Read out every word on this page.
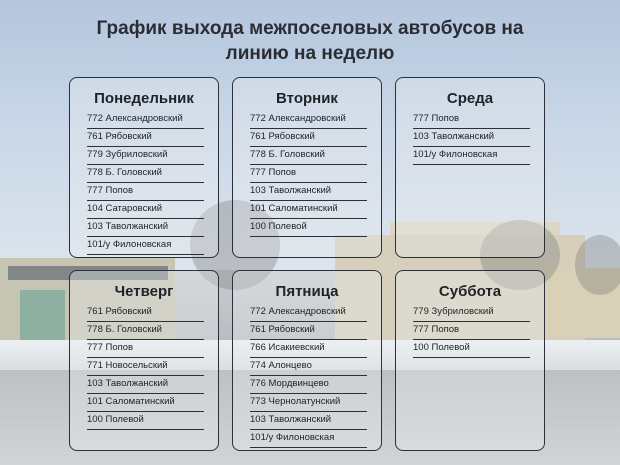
График выхода межпоселовых автобусов на
линию на неделю
Понедельник
772 Александровский
761 Рябовский
779 Зубриловский
778 Б. Головский
777 Попов
104 Сатаровский
103 Таволжанский
101/у Филоновская
Вторник
772 Александровский
761 Рябовский
778 Б. Головский
777 Попов
103 Таволжанский
101 Саломатинский
100 Полевой
Среда
777 Попов
103 Таволжанский
101/у Филоновская
Четверг
761 Рябовский
778 Б. Головский
777 Попов
771 Новосельский
103 Таволжанский
101 Саломатинский
100 Полевой
Пятница
772 Александровский
761 Рябовский
766 Исакиевский
774 Алонцево
776 Мордвинцево
773 Чернолатунский
103 Таволжанский
101/у Филоновская
Суббота
779 Зубриловский
777 Попов
100 Полевой
